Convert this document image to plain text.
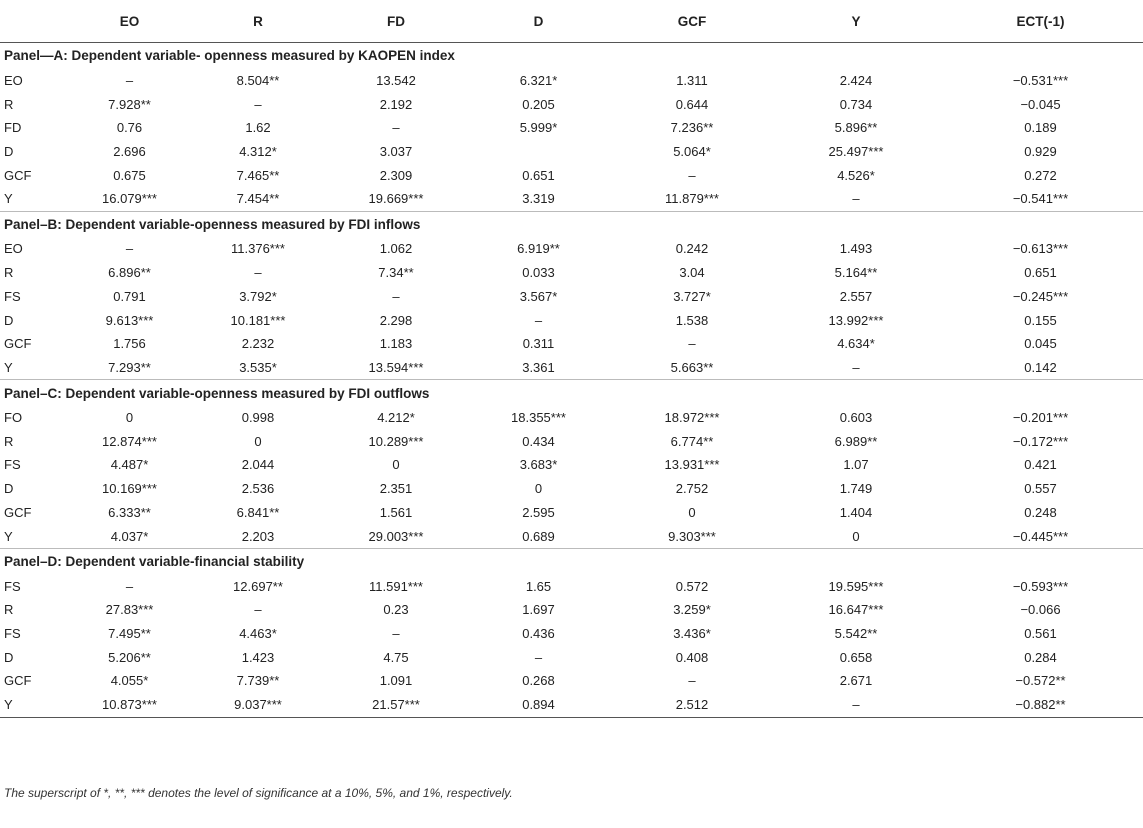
	EO	R	FD	D	GCF	Y	ECT(-1)
Panel—A: Dependent variable- openness measured by KAOPEN index							
EO	–	8.504**	13.542	6.321*	1.311	2.424	−0.531***
R	7.928**	–	2.192	0.205	0.644	0.734	−0.045
FD	0.76	1.62	–	5.999*	7.236**	5.896**	0.189
D	2.696	4.312*	3.037		5.064*	25.497***	0.929
GCF	0.675	7.465**	2.309	0.651	–	4.526*	0.272
Y	16.079***	7.454**	19.669***	3.319	11.879***	–	−0.541***
Panel–B: Dependent variable-openness measured by FDI inflows							
EO	–	11.376***	1.062	6.919**	0.242	1.493	−0.613***
R	6.896**	–	7.34**	0.033	3.04	5.164**	0.651
FS	0.791	3.792*	–	3.567*	3.727*	2.557	−0.245***
D	9.613***	10.181***	2.298	–	1.538	13.992***	0.155
GCF	1.756	2.232	1.183	0.311	–	4.634*	0.045
Y	7.293**	3.535*	13.594***	3.361	5.663**	–	0.142
Panel–C: Dependent variable-openness measured by FDI outflows							
FO	0	0.998	4.212*	18.355***	18.972***	0.603	−0.201***
R	12.874***	0	10.289***	0.434	6.774**	6.989**	−0.172***
FS	4.487*	2.044	0	3.683*	13.931***	1.07	0.421
D	10.169***	2.536	2.351	0	2.752	1.749	0.557
GCF	6.333**	6.841**	1.561	2.595	0	1.404	0.248
Y	4.037*	2.203	29.003***	0.689	9.303***	0	−0.445***
Panel–D: Dependent variable-financial stability							
FS	–	12.697**	11.591***	1.65	0.572	19.595***	−0.593***
R	27.83***	–	0.23	1.697	3.259*	16.647***	−0.066
FS	7.495**	4.463*	–	0.436	3.436*	5.542**	0.561
D	5.206**	1.423	4.75	–	0.408	0.658	0.284
GCF	4.055*	7.739**	1.091	0.268	–	2.671	−0.572**
Y	10.873***	9.037***	21.57***	0.894	2.512	–	−0.882**
The superscript of *, **, *** denotes the level of significance at a 10%, 5%, and 1%, respectively.
